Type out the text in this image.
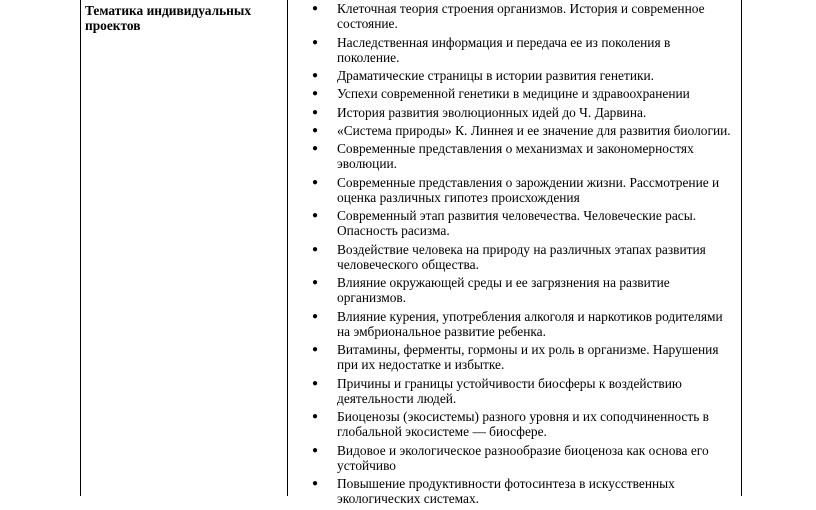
Тематика индивидуальных проектов
● Клеточная теория строения организмов. История и современное состояние.
● Наследственная информация и передача ее из поколения в поколение.
● Драматические страницы в истории развития генетики.
● Успехи современной генетики в медицине и здравоохранении
● История развития эволюционных идей до Ч. Дарвина.
● «Система природы» К. Линнея и ее значение для развития биологии.
● Современные представления о механизмах и закономерностях эволюции.
● Современные представления о зарождении жизни. Рассмотрение и оценка различных гипотез происхождения
● Современный этап развития человечества. Человеческие расы. Опасность расизма.
● Воздействие человека на природу на различных этапах развития человеческого общества.
● Влияние окружающей среды и ее загрязнения на развитие организмов.
● Влияние курения, употребления алкоголя и наркотиков родителями на эмбриональное развитие ребенка.
● Витамины, ферменты, гормоны и их роль в организме. Нарушения при их недостатке и избытке.
● Причины и границы устойчивости биосферы к воздействию деятельности людей.
● Биоценозы (экосистемы) разного уровня и их соподчиненность в глобальной экосистеме — биосфере.
● Видовое и экологическое разнообразие биоценоза как основа его устойчиво
● Повышение продуктивности фотосинтеза в искусственных экологических системах.
